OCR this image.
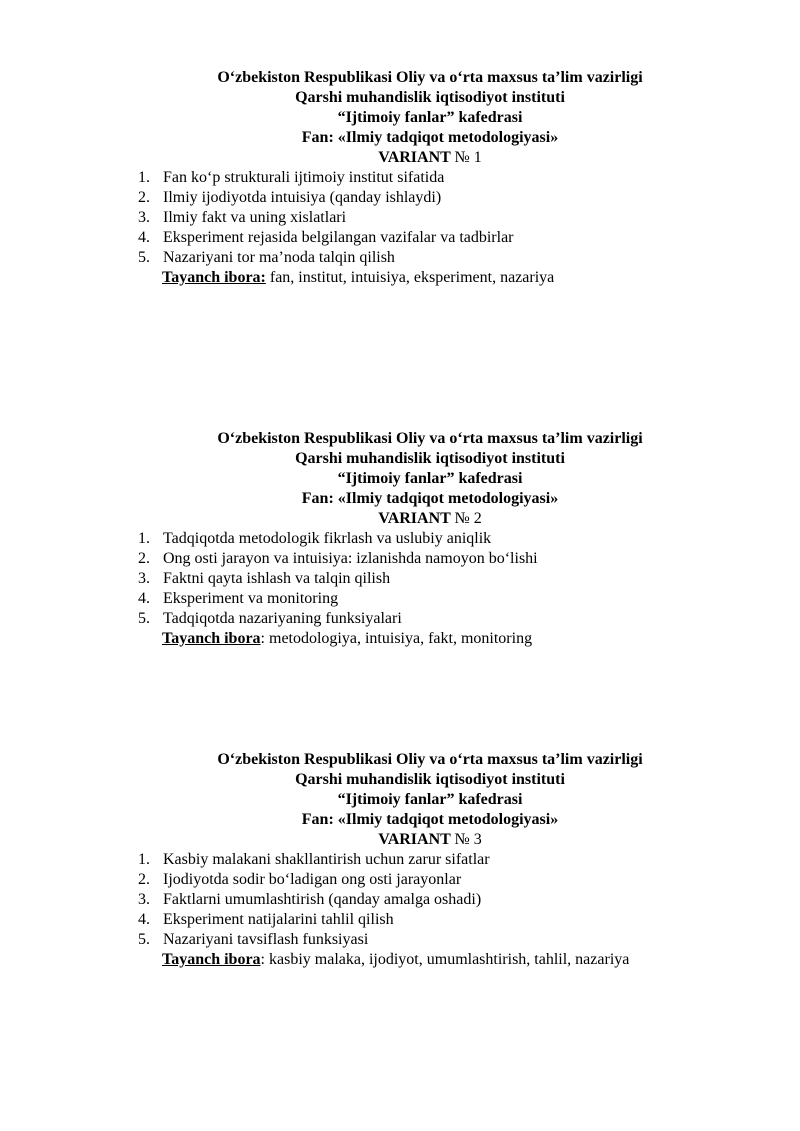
O‘zbekiston Respublikasi Oliy va o‘rta maxsus ta’lim vazirligi
Qarshi muhandislik iqtisodiyot instituti
“Ijtimoiy fanlar” kafedrasi
Fan: «Ilmiy tadqiqot metodologiyasi»
VARIANT № 1
1. Fan ko‘p strukturali ijtimoiy institut sifatida
2. Ilmiy ijodiyotda intuisiya (qanday ishlaydi)
3. Ilmiy fakt va uning xislatlari
4. Eksperiment rejasida belgilangan vazifalar va tadbirlar
5. Nazariyani tor ma’noda talqin qilish
Tayanch ibora: fan, institut, intuisiya, eksperiment, nazariya
O‘zbekiston Respublikasi Oliy va o‘rta maxsus ta’lim vazirligi
Qarshi muhandislik iqtisodiyot instituti
“Ijtimoiy fanlar” kafedrasi
Fan: «Ilmiy tadqiqot metodologiyasi»
VARIANT № 2
1. Tadqiqotda metodologik fikrlash va uslubiy aniqlik
2. Ong osti jarayon va intuisiya: izlanishda namoyon bo‘lishi
3. Faktni qayta ishlash va talqin qilish
4. Eksperiment va monitoring
5. Tadqiqotda nazariyaning funksiyalari
Tayanch ibora: metodologiya, intuisiya, fakt, monitoring
O‘zbekiston Respublikasi Oliy va o‘rta maxsus ta’lim vazirligi
Qarshi muhandislik iqtisodiyot instituti
“Ijtimoiy fanlar” kafedrasi
Fan: «Ilmiy tadqiqot metodologiyasi»
VARIANT № 3
1. Kasbiy malakani shakllantirish uchun zarur sifatlar
2. Ijodiyotda sodir bo‘ladigan ong osti jarayonlar
3. Faktlarni umumlashtirish (qanday amalga oshadi)
4. Eksperiment natijalarini tahlil qilish
5. Nazariyani tavsiflash funksiyasi
Tayanch ibora: kasbiy malaka, ijodiyot, umumlashtirish, tahlil, nazariya
